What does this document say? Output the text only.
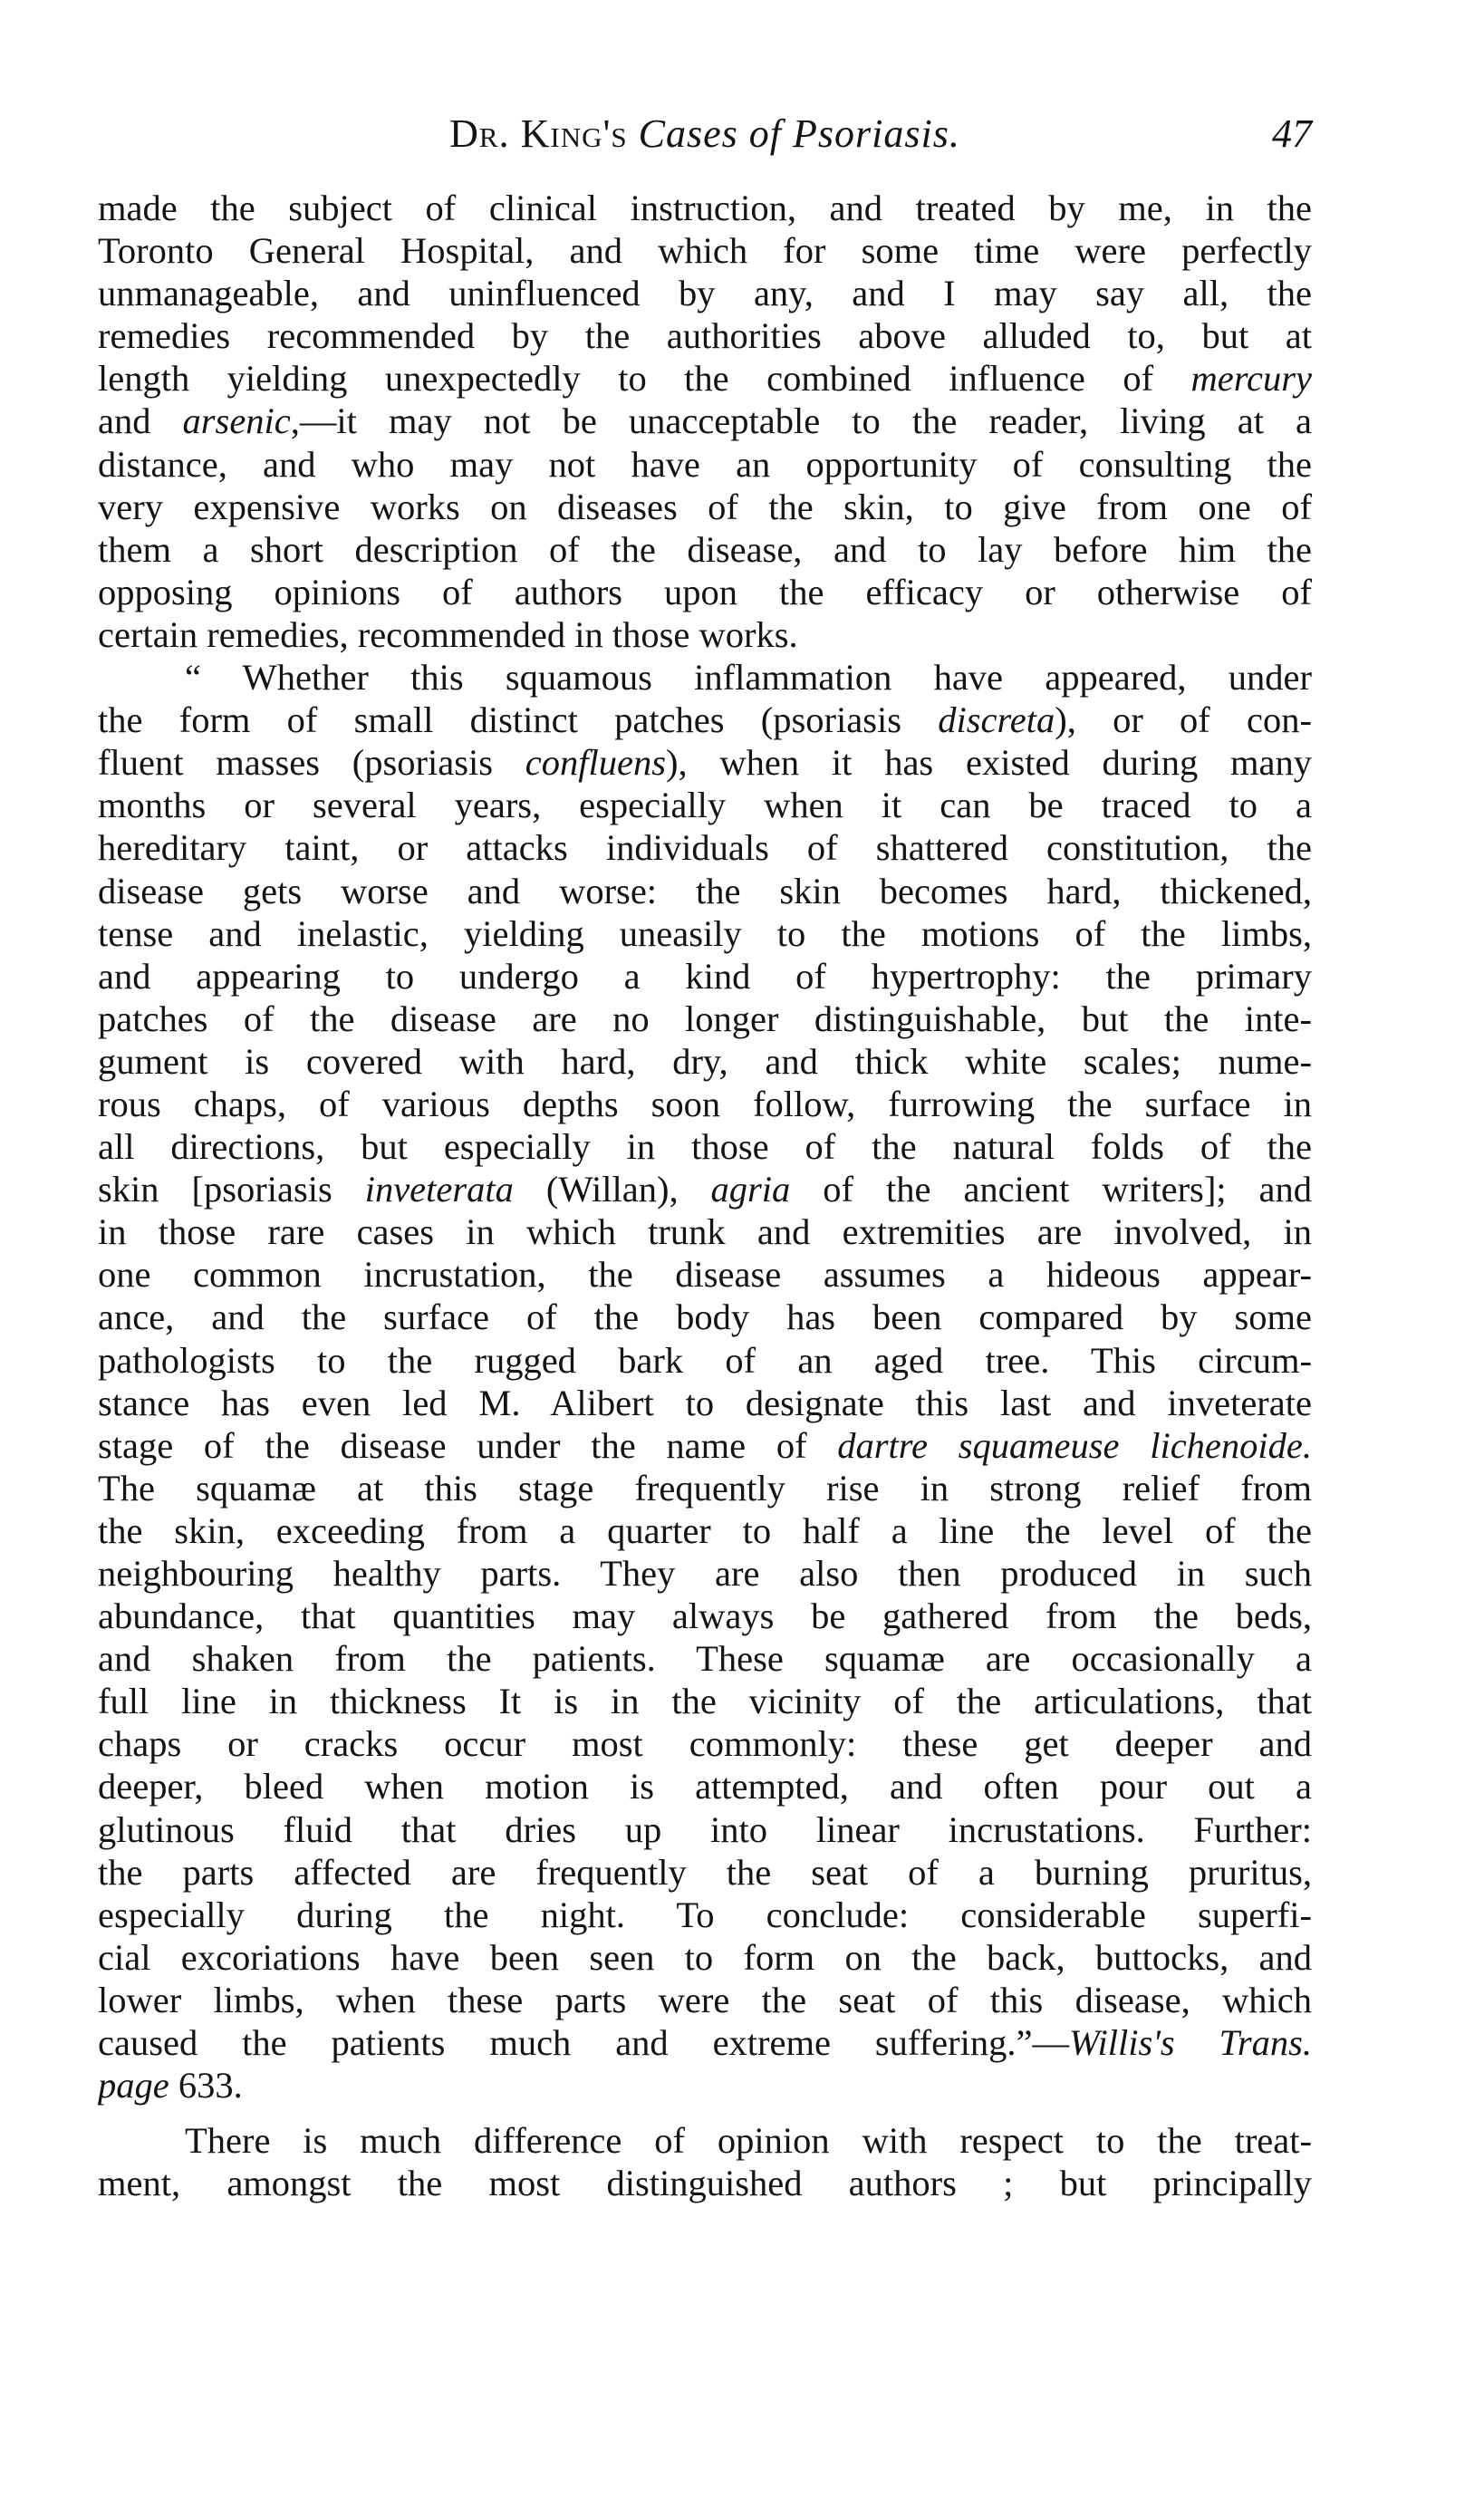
Dr. King's Cases of Psoriasis.	47
made the subject of clinical instruction, and treated by me, in the
Toronto General Hospital, and which for some time were perfectly
unmanageable, and uninfluenced by any, and I may say all, the
remedies recommended by the authorities above alluded to, but at
length yielding unexpectedly to the combined influence of mercury
and arsenic,—it may not be unacceptable to the reader, living at a
distance, and who may not have an opportunity of consulting the
very expensive works on diseases of the skin, to give from one of
them a short description of the disease, and to lay before him the
opposing opinions of authors upon the efficacy or otherwise of
certain remedies, recommended in those works.
“ Whether this squamous inflammation have appeared, under
the form of small distinct patches (psoriasis discreta), or of con-
fluent masses (psoriasis confluens), when it has existed during many
months or several years, especially when it can be traced to a
hereditary taint, or attacks individuals of shattered constitution, the
disease gets worse and worse: the skin becomes hard, thickened,
tense and inelastic, yielding uneasily to the motions of the limbs,
and appearing to undergo a kind of hypertrophy: the primary
patches of the disease are no longer distinguishable, but the inte-
gument is covered with hard, dry, and thick white scales; nume-
rous chaps, of various depths soon follow, furrowing the surface in
all directions, but especially in those of the natural folds of the
skin [psoriasis inveterata (Willan), agria of the ancient writers]; and
in those rare cases in which trunk and extremities are involved, in
one common incrustation, the disease assumes a hideous appear-
ance, and the surface of the body has been compared by some
pathologists to the rugged bark of an aged tree. This circum-
stance has even led M. Alibert to designate this last and inveterate
stage of the disease under the name of dartre squameuse lichenoide.
The squamæ at this stage frequently rise in strong relief from
the skin, exceeding from a quarter to half a line the level of the
neighbouring healthy parts. They are also then produced in such
abundance, that quantities may always be gathered from the beds,
and shaken from the patients. These squamæ are occasionally a
full line in thickness It is in the vicinity of the articulations, that
chaps or cracks occur most commonly: these get deeper and
deeper, bleed when motion is attempted, and often pour out a
glutinous fluid that dries up into linear incrustations. Further:
the parts affected are frequently the seat of a burning pruritus,
especially during the night. To conclude: considerable superfi-
cial excoriations have been seen to form on the back, buttocks, and
lower limbs, when these parts were the seat of this disease, which
caused the patients much and extreme suffering.”—Willis's Trans.
page 633.
There is much difference of opinion with respect to the treat-
ment, amongst the most distinguished authors ; but principally
